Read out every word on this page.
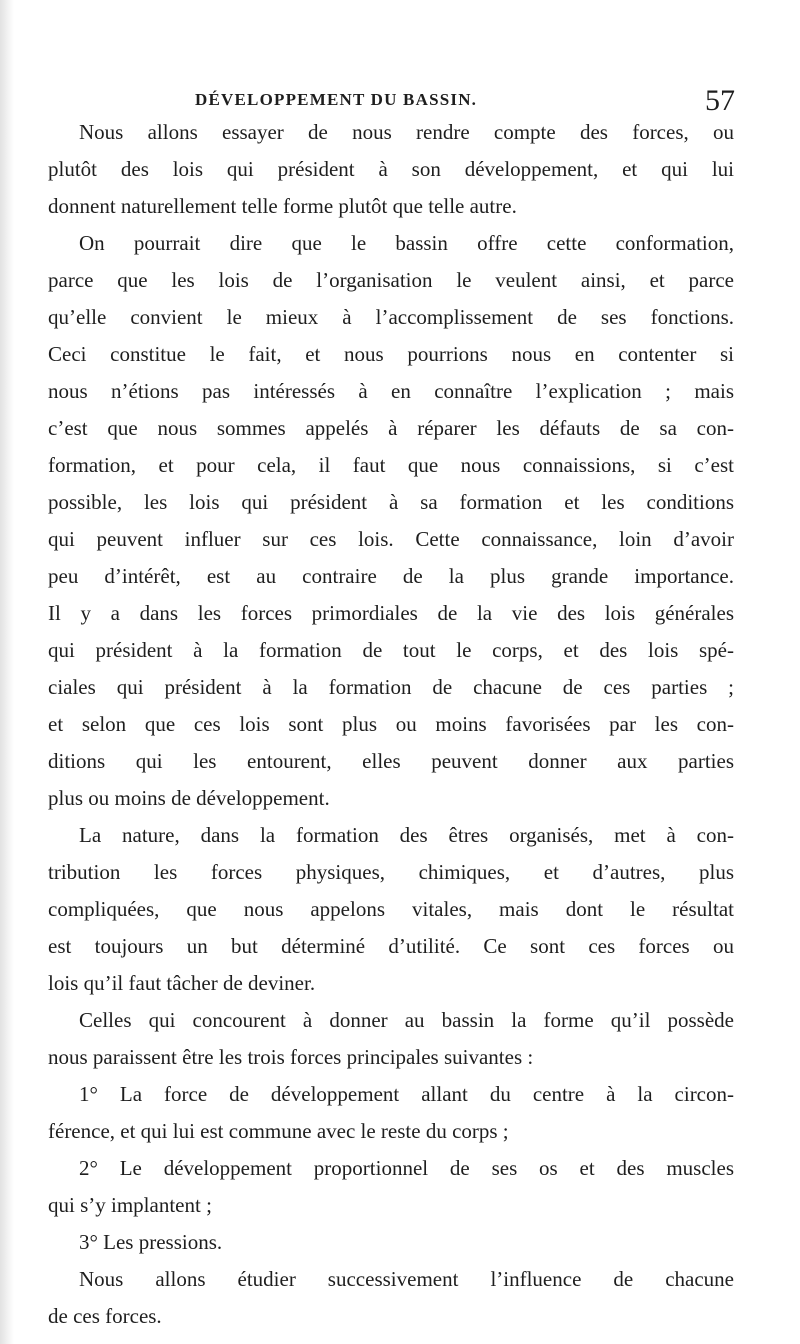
DÉVELOPPEMENT DU BASSIN.	57
Nous allons essayer de nous rendre compte des forces, ou
plutôt des lois qui président à son développement, et qui lui
donnent naturellement telle forme plutôt que telle autre.
On pourrait dire que le bassin offre cette conformation,
parce que les lois de l’organisation le veulent ainsi, et parce
qu’elle convient le mieux à l’accomplissement de ses fonctions.
Ceci constitue le fait, et nous pourrions nous en contenter si
nous n’étions pas intéressés à en connaître l’explication ; mais
c’est que nous sommes appelés à réparer les défauts de sa con-
formation, et pour cela, il faut que nous connaissions, si c’est
possible, les lois qui président à sa formation et les conditions
qui peuvent influer sur ces lois. Cette connaissance, loin d’avoir
peu d’intérêt, est au contraire de la plus grande importance.
Il y a dans les forces primordiales de la vie des lois générales
qui président à la formation de tout le corps, et des lois spé-
ciales qui président à la formation de chacune de ces parties ;
et selon que ces lois sont plus ou moins favorisées par les con-
ditions qui les entourent, elles peuvent donner aux parties
plus ou moins de développement.
La nature, dans la formation des êtres organisés, met à con-
tribution les forces physiques, chimiques, et d’autres, plus
compliquées, que nous appelons vitales, mais dont le résultat
est toujours un but déterminé d’utilité. Ce sont ces forces ou
lois qu’il faut tâcher de deviner.
Celles qui concourent à donner au bassin la forme qu’il possède
nous paraissent être les trois forces principales suivantes :
1° La force de développement allant du centre à la circon-
férence, et qui lui est commune avec le reste du corps ;
2° Le développement proportionnel de ses os et des muscles
qui s’y implantent ;
3° Les pressions.
Nous allons étudier successivement l’influence de chacune
de ces forces.
